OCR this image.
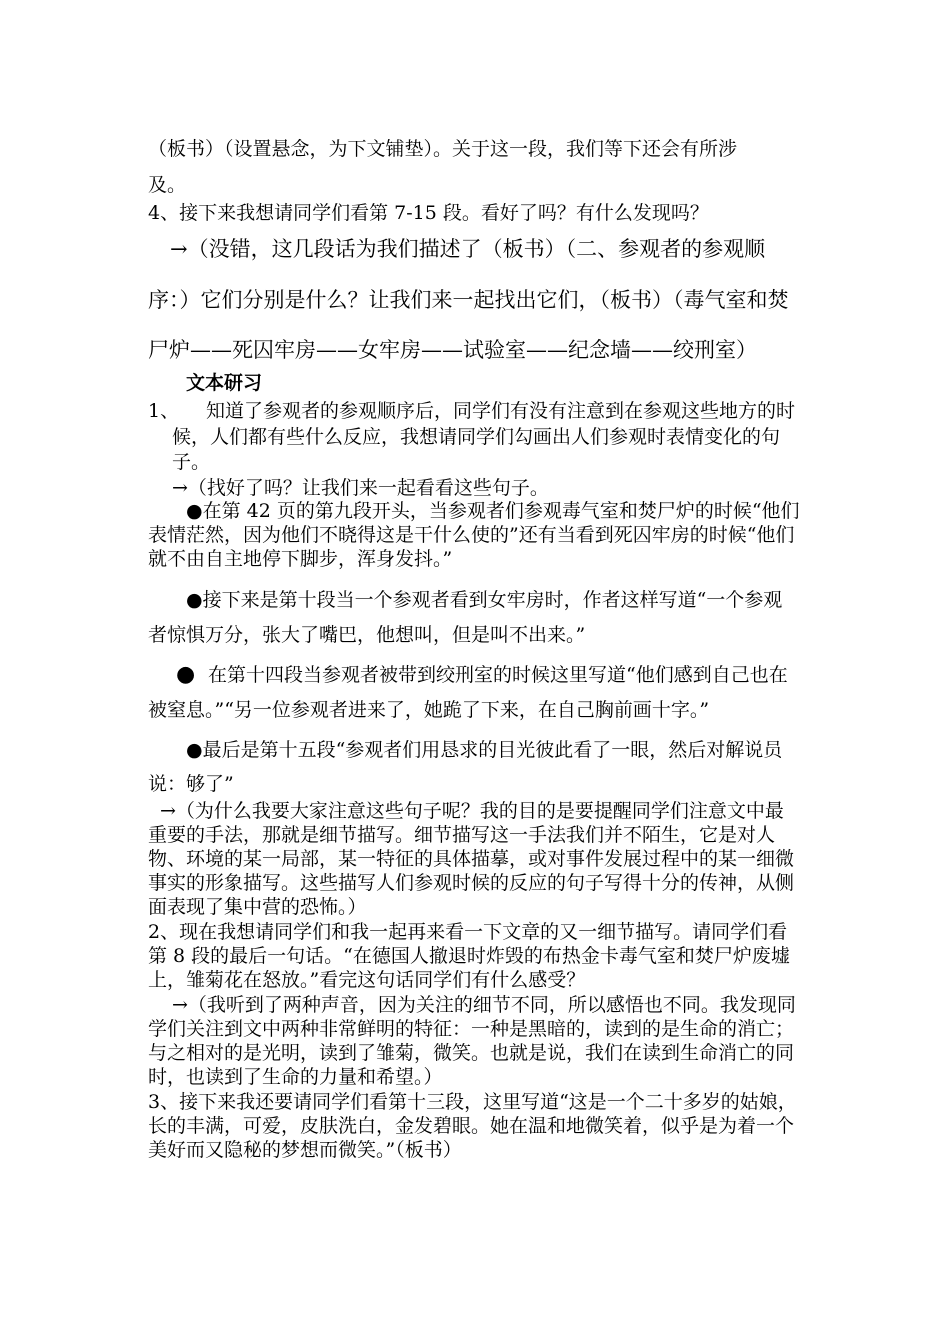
（板书）（设置悬念，为下文铺垫）。关于这一段，我们等下还会有所涉
及。
4、接下来我想请同学们看第 7-15 段。看好了吗？有什么发现吗？
→（没错，这几段话为我们描述了（板书）（二、参观者的参观顺
序：）它们分别是什么？让我们来一起找出它们，（板书）（毒气室和焚
尸炉——死囚牢房——女牢房——试验室——纪念墙——绞刑室）
文本研习
1、 知道了参观者的参观顺序后，同学们有没有注意到在参观这些地方的时
候，人们都有些什么反应，我想请同学们勾画出人们参观时表情变化的句
子。
→（找好了吗？让我们来一起看看这些句子。
●在第 42 页的第九段开头，当参观者们参观毒气室和焚尸炉的时候“他们
表情茫然，因为他们不晓得这是干什么使的”还有当看到死囚牢房的时候“他们
就不由自主地停下脚步，浑身发抖。”
●接下来是第十段当一个参观者看到女牢房时，作者这样写道“一个参观
者惊惧万分，张大了嘴巴，他想叫，但是叫不出来。”
● 在第十四段当参观者被带到绞刑室的时候这里写道“他们感到自己也在
被窒息。”“另一位参观者进来了，她跪了下来，在自己胸前画十字。”
●最后是第十五段“参观者们用恳求的目光彼此看了一眼，然后对解说员
说：够了”
→（为什么我要大家注意这些句子呢？我的目的是要提醒同学们注意文中最
重要的手法，那就是细节描写。细节描写这一手法我们并不陌生，它是对人
物、环境的某一局部，某一特征的具体描摹，或对事件发展过程中的某一细微
事实的形象描写。这些描写人们参观时候的反应的句子写得十分的传神，从侧
面表现了集中营的恐怖。）
2、现在我想请同学们和我一起再来看一下文章的又一细节描写。请同学们看
第 8 段的最后一句话。“在德国人撤退时炸毁的布热金卡毒气室和焚尸炉废墟
上，雏菊花在怒放。”看完这句话同学们有什么感受？
→（我听到了两种声音，因为关注的细节不同，所以感悟也不同。我发现同
学们关注到文中两种非常鲜明的特征：一种是黑暗的，读到的是生命的消亡；
与之相对的是光明，读到了雏菊，微笑。也就是说，我们在读到生命消亡的同
时，也读到了生命的力量和希望。）
3、接下来我还要请同学们看第十三段，这里写道“这是一个二十多岁的姑娘，
长的丰满，可爱，皮肤洗白，金发碧眼。她在温和地微笑着，似乎是为着一个
美好而又隐秘的梦想而微笑。”（板书）
